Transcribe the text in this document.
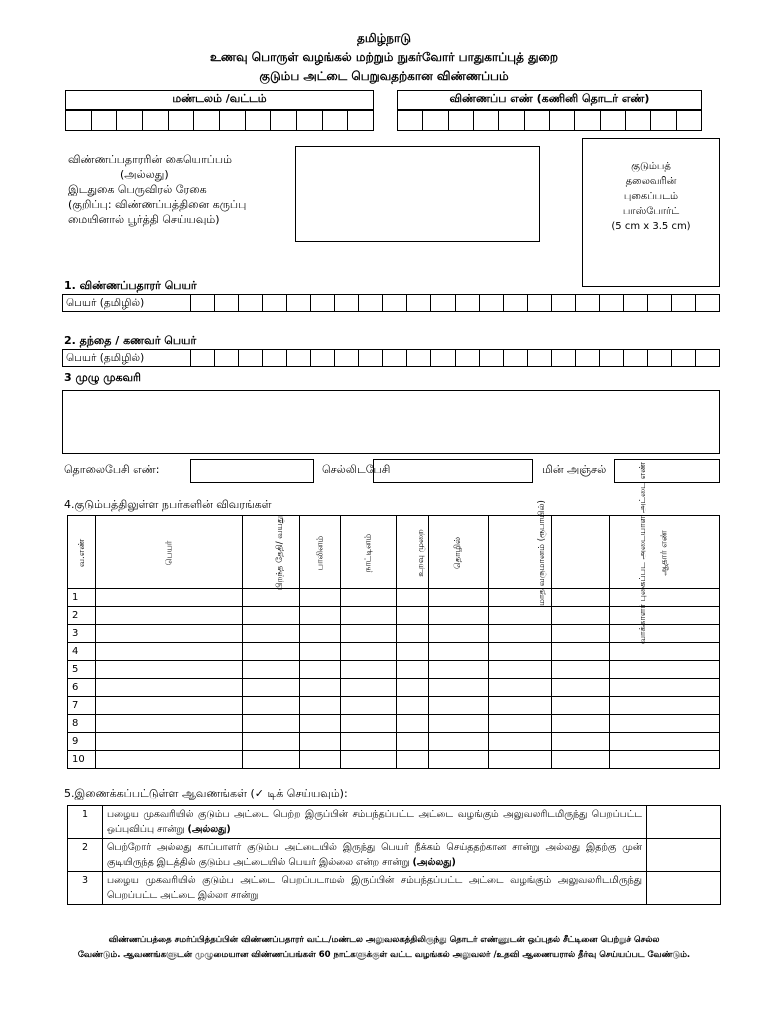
தமிழ்நாடு
உணவு பொருள் வழங்கல் மற்றும் நுகர்வோர் பாதுகாப்புத் துறை
குடும்ப அட்டை பெறுவதற்கான விண்ணப்பம்
மண்டலம் /வட்டம்	விண்ணப்ப எண் (கணினி தொடர் எண்)
விண்ணப்பதாரரின் கையொப்பம்
(அல்லது)
இடதுகை பெருவிரல் ரேகை
(குறிப்பு: விண்ணப்பத்தினை கருப்பு
மையினால் பூர்த்தி செய்யவும்)
குடும்பத்
தலைவரின்
புகைப்படம்
பாஸ்போர்ட்
(5 cm x 3.5 cm)
1. விண்ணப்பதாரர் பெயர்
பெயர் (தமிழில்)
2. தந்தை / கணவர் பெயர்
பெயர் (தமிழில்)
3 முழு முகவரி
தொலைபேசி எண்:	செல்லிடபேசி	மின் அஞ்சல்
4.குடும்பத்திலுள்ள நபர்களின் விவரங்கள்
வ.எண்	பெயர்	பிறந்த தேதி/ வயது	பாலினம்	நாட்டினம்	உறவு முறை	தொழில்	மாத வருமானம் (ரூபாயில்)	வாக்காளர் புகைப்பட அடையாள அட்டை எண்	ஆதார் எண்
1									
2									
3									
4									
5									
6									
7									
8									
9									
10									
5.இணைக்கப்பட்டுள்ள ஆவணங்கள் (✓ டிக் செய்யவும்):
1	பழைய முகவரியில் குடும்ப அட்டை பெற்ற இருப்பின் சம்பந்தப்பட்ட அட்டை வழங்கும் அலுவலரிடமிருந்து பெறப்பட்ட ஒப்புவிப்பு சான்று (அல்லது)	
2	பெற்றோர் அல்லது காப்பாளர் குடும்ப அட்டையில் இருந்து பெயர் நீக்கம் செய்ததற்கான சான்று அல்லது இதற்கு முன் குடியிருந்த இடத்தில் குடும்ப அட்டையில் பெயர் இல்லை என்ற சான்று (அல்லது)	
3	பழைய முகவரியில் குடும்ப அட்டை பெறப்படாமல் இருப்பின் சம்பந்தப்பட்ட அட்டை வழங்கும் அலுவலரிடமிருந்து பெறப்பட்ட அட்டை இல்லா சான்று	
விண்ணப்பத்தை சமர்ப்பித்தப்பின் விண்ணப்பதாரர் வட்ட/மண்டல அலுவலகத்திலிருந்து தொடர் எண்ணுடன் ஒப்புதல் சீட்டினை பெற்றுச் செல்ல
வேண்டும். ஆவணங்களுடன் முழுமையான விண்ணப்பங்கள் 60 நாட்களுக்குள் வட்ட வழங்கல் அலுவலர் /உதவி ஆணையரால் தீர்வு செய்யப்பட வேண்டும்.
